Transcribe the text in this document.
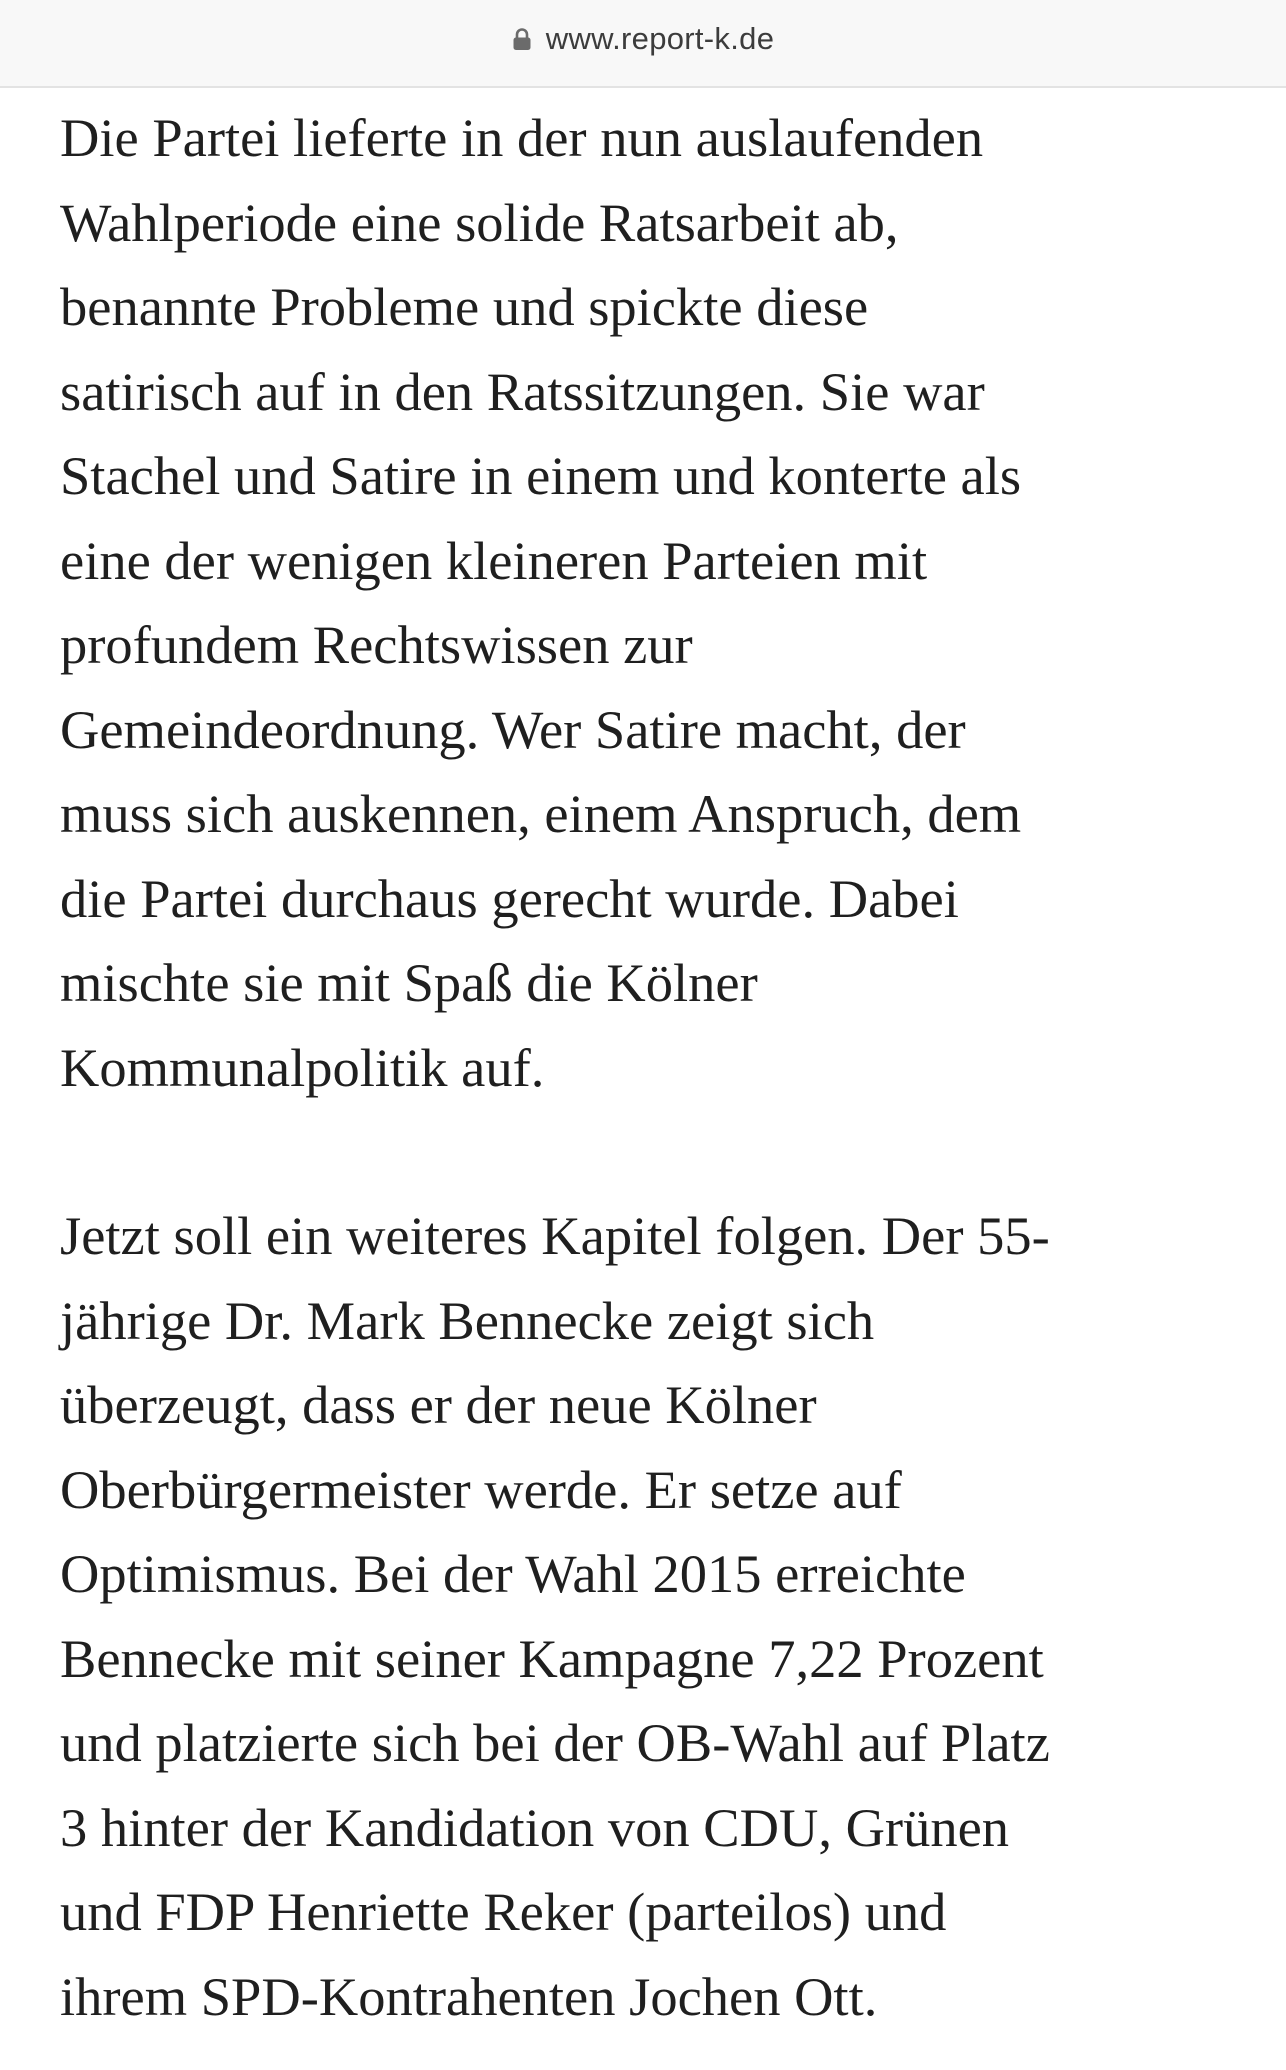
www.report-k.de

Die Partei lieferte in der nun auslaufenden
Wahlperiode eine solide Ratsarbeit ab,
benannte Probleme und spickte diese
satirisch auf in den Ratssitzungen. Sie war
Stachel und Satire in einem und konterte als
eine der wenigen kleineren Parteien mit
profundem Rechtswissen zur
Gemeindeordnung. Wer Satire macht, der
muss sich auskennen, einem Anspruch, dem
die Partei durchaus gerecht wurde. Dabei
mischte sie mit Spaß die Kölner
Kommunalpolitik auf.

Jetzt soll ein weiteres Kapitel folgen. Der 55-
jährige Dr. Mark Bennecke zeigt sich
überzeugt, dass er der neue Kölner
Oberbürgermeister werde. Er setze auf
Optimismus. Bei der Wahl 2015 erreichte
Bennecke mit seiner Kampagne 7,22 Prozent
und platzierte sich bei der OB-Wahl auf Platz
3 hinter der Kandidation von CDU, Grünen
und FDP Henriette Reker (parteilos) und
ihrem SPD-Kontrahenten Jochen Ott.
